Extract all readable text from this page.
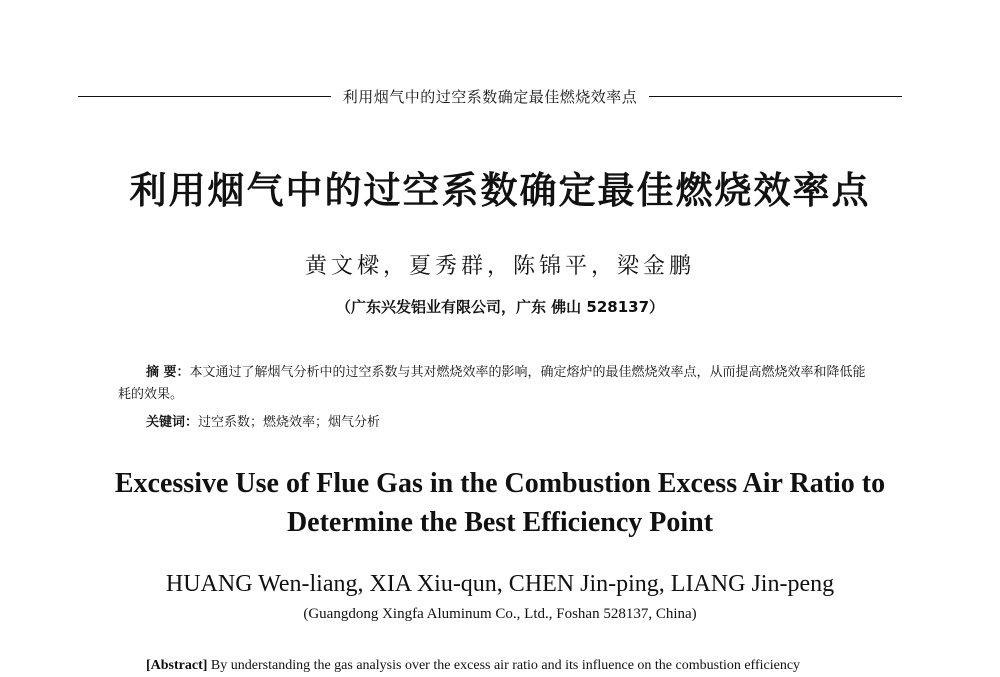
利用烟气中的过空系数确定最佳燃烧效率点
利用烟气中的过空系数确定最佳燃烧效率点
黄文樑，夏秀群，陈锦平，梁金鹏
（广东兴发铝业有限公司，广东 佛山 528137）
摘 要：本文通过了解烟气分析中的过空系数与其对燃烧效率的影响，确定熔炉的最佳燃烧效率点，从而提高燃烧效率和降低能耗的效果。
关键词：过空系数；燃烧效率；烟气分析
Excessive Use of Flue Gas in the Combustion Excess Air Ratio to Determine the Best Efficiency Point
HUANG Wen-liang, XIA Xiu-qun, CHEN Jin-ping, LIANG Jin-peng
(Guangdong Xingfa Aluminum Co., Ltd., Foshan 528137, China)
[Abstract] By understanding the gas analysis over the excess air ratio and its influence on the combustion efficiency
